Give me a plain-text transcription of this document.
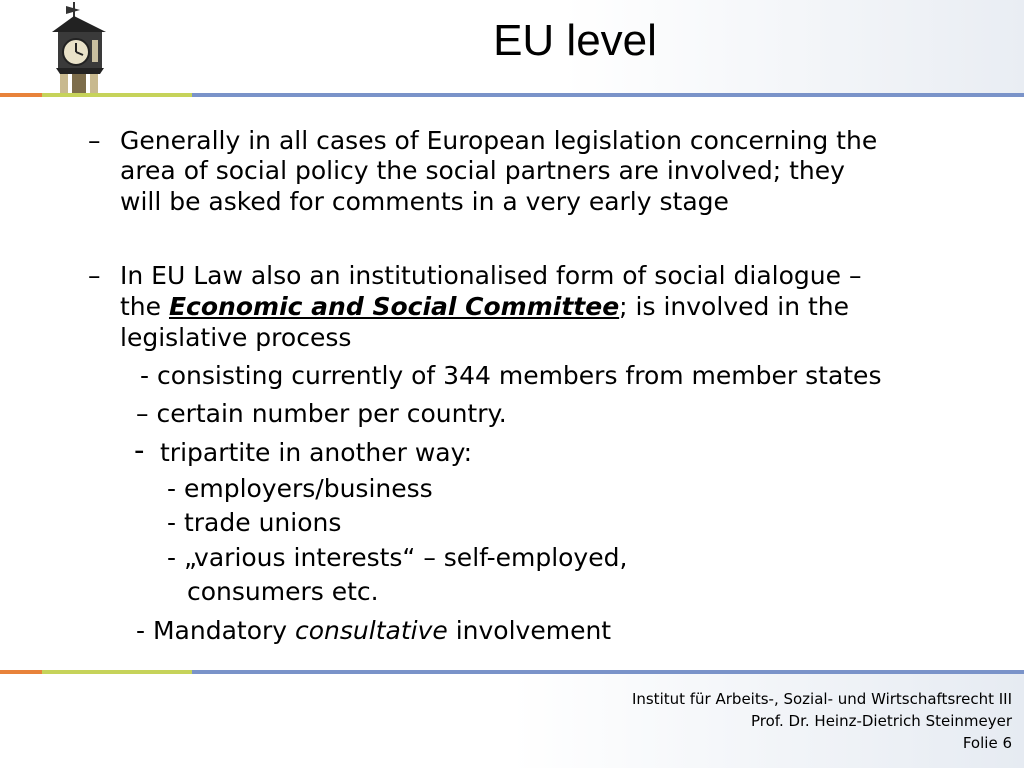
EU level
– Generally in all cases of European legislation concerning the
area of social policy the social partners are involved; they
will be asked for comments in a very early stage
– In EU Law also an institutionalised form of social dialogue –
the Economic and Social Committee; is involved in the
legislative process
- consisting currently of 344 members from member states
– certain number per country.
- tripartite in another way:
- employers/business
- trade unions
- „various interests“ – self-employed,
consumers etc.
- Mandatory consultative involvement
Institut für Arbeits-, Sozial- und Wirtschaftsrecht III
Prof. Dr. Heinz-Dietrich Steinmeyer
Folie 6
